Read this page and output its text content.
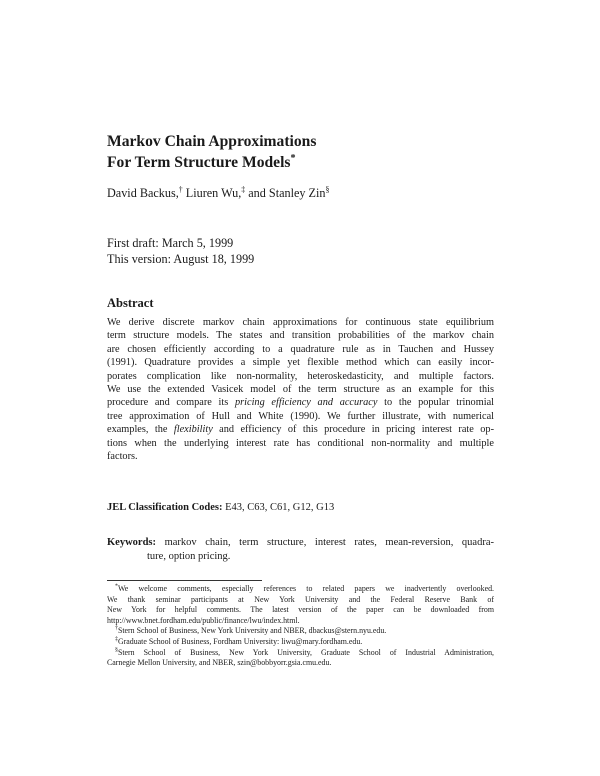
Markov Chain Approximations
For Term Structure Models*
David Backus,† Liuren Wu,‡ and Stanley Zin§
First draft: March 5, 1999
This version: August 18, 1999
Abstract
We derive discrete markov chain approximations for continuous state equilibrium
term structure models. The states and transition probabilities of the markov chain
are chosen efficiently according to a quadrature rule as in Tauchen and Hussey
(1991). Quadrature provides a simple yet flexible method which can easily incor-
porates complication like non-normality, heteroskedasticity, and multiple factors.
We use the extended Vasicek model of the term structure as an example for this
procedure and compare its pricing efficiency and accuracy to the popular trinomial
tree approximation of Hull and White (1990). We further illustrate, with numerical
examples, the flexibility and efficiency of this procedure in pricing interest rate op-
tions when the underlying interest rate has conditional non-normality and multiple
factors.
JEL Classification Codes: E43, C63, C61, G12, G13
Keywords: markov chain, term structure, interest rates, mean-reversion, quadra-
ture, option pricing.
*We welcome comments, especially references to related papers we inadvertently overlooked.
We thank seminar participants at New York University and the Federal Reserve Bank of
New York for helpful comments. The latest version of the paper can be downloaded from
http://www.bnet.fordham.edu/public/finance/lwu/index.html.
†Stern School of Business, New York University and NBER, dbackus@stern.nyu.edu.
‡Graduate School of Business, Fordham University: liwu@mary.fordham.edu.
§Stern School of Business, New York University, Graduate School of Industrial Administration,
Carnegie Mellon University, and NBER, szin@bobbyorr.gsia.cmu.edu.
